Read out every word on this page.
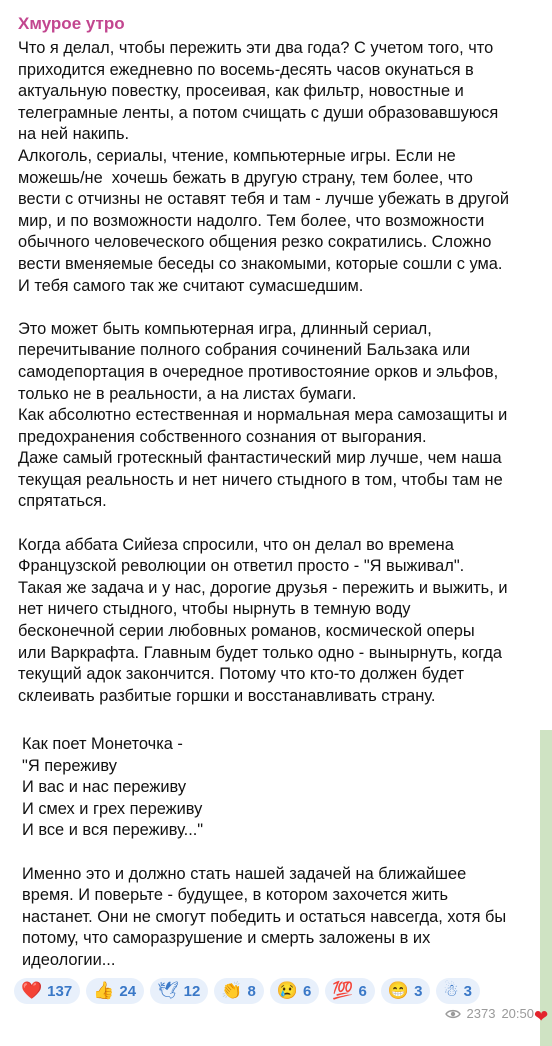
Хмурое утро

Что я делал, чтобы пережить эти два года? С учетом того, что
приходится ежедневно по восемь-десять часов окунаться в
актуальную повестку, просеивая, как фильтр, новостные и
телеграмные ленты, а потом счищать с души образовавшуюся
на ней накипь.
Алкоголь, сериалы, чтение, компьютерные игры. Если не
можешь/не  хочешь бежать в другую страну, тем более, что
вести с отчизны не оставят тебя и там - лучше убежать в другой
мир, и по возможности надолго. Тем более, что возможности
обычного человеческого общения резко сократились. Сложно
вести вменяемые беседы со знакомыми, которые сошли с ума.
И тебя самого так же считают сумасшедшим.

Это может быть компьютерная игра, длинный сериал,
перечитывание полного собрания сочинений Бальзака или
самодепортация в очередное противостояние орков и эльфов,
только не в реальности, а на листах бумаги.
Как абсолютно естественная и нормальная мера самозащиты и
предохранения собственного сознания от выгорания.
Даже самый гротескный фантастический мир лучше, чем наша
текущая реальность и нет ничего стыдного в том, чтобы там не
спрятаться.

Когда аббата Сийеза спросили, что он делал во времена
Французской революции он ответил просто - "Я выживал".
Такая же задача и у нас, дорогие друзья - пережить и выжить, и
нет ничего стыдного, чтобы нырнуть в темную воду
бесконечной серии любовных романов, космической оперы
или Варкрафта. Главным будет только одно - вынырнуть, когда
текущий адок закончится. Потому что кто-то должен будет
склеивать разбитые горшки и восстанавливать страну.

Как поет Монеточка -
"Я переживу
И вас и нас переживу
И смех и грех переживу
И все и вся переживу..."

Именно это и должно стать нашей задачей на ближайшее
время. И поверьте - будущее, в котором захочется жить
настанет. Они не смогут победить и остаться навсегда, хотя бы
потому, что саморазрушение и смерть заложены в их
идеологии...

❤️ 137 👍 24 🕊 12 👏 8 😢 6 💯 6 😁 3 ☃ 3
2373 20:50 ❤
